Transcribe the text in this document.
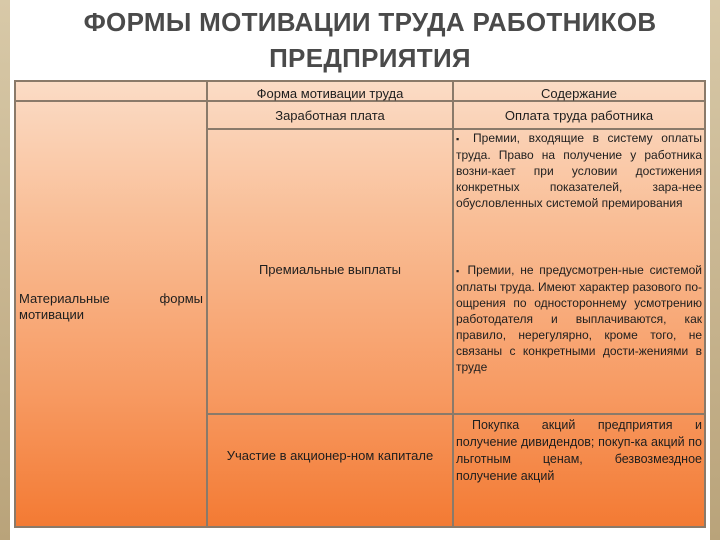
ФОРМЫ МОТИВАЦИИ ТРУДА РАБОТНИКОВ
ПРЕДПРИЯТИЯ
Форма мотивации труда	Содержание
Заработная плата	Оплата труда работника
Материальные формы мотивации
Премиальные выплаты
▪ Премии, входящие в систему оплаты труда. Право на получение у работника возни-кает при условии достижения конкретных показателей, зара-нее обусловленных системой премирования
▪ Премии, не предусмотрен-ные системой оплаты труда. Имеют характер разового по-ощрения по одностороннему усмотрению работодателя и выплачиваются, как правило, нерегулярно, кроме того, не связаны с конкретными дости-жениями в труде
Участие в акционер-ном капитале
Покупка акций предприятия и получение дивидендов; покуп-ка акций по льготным ценам, безвозмездное получение акций
